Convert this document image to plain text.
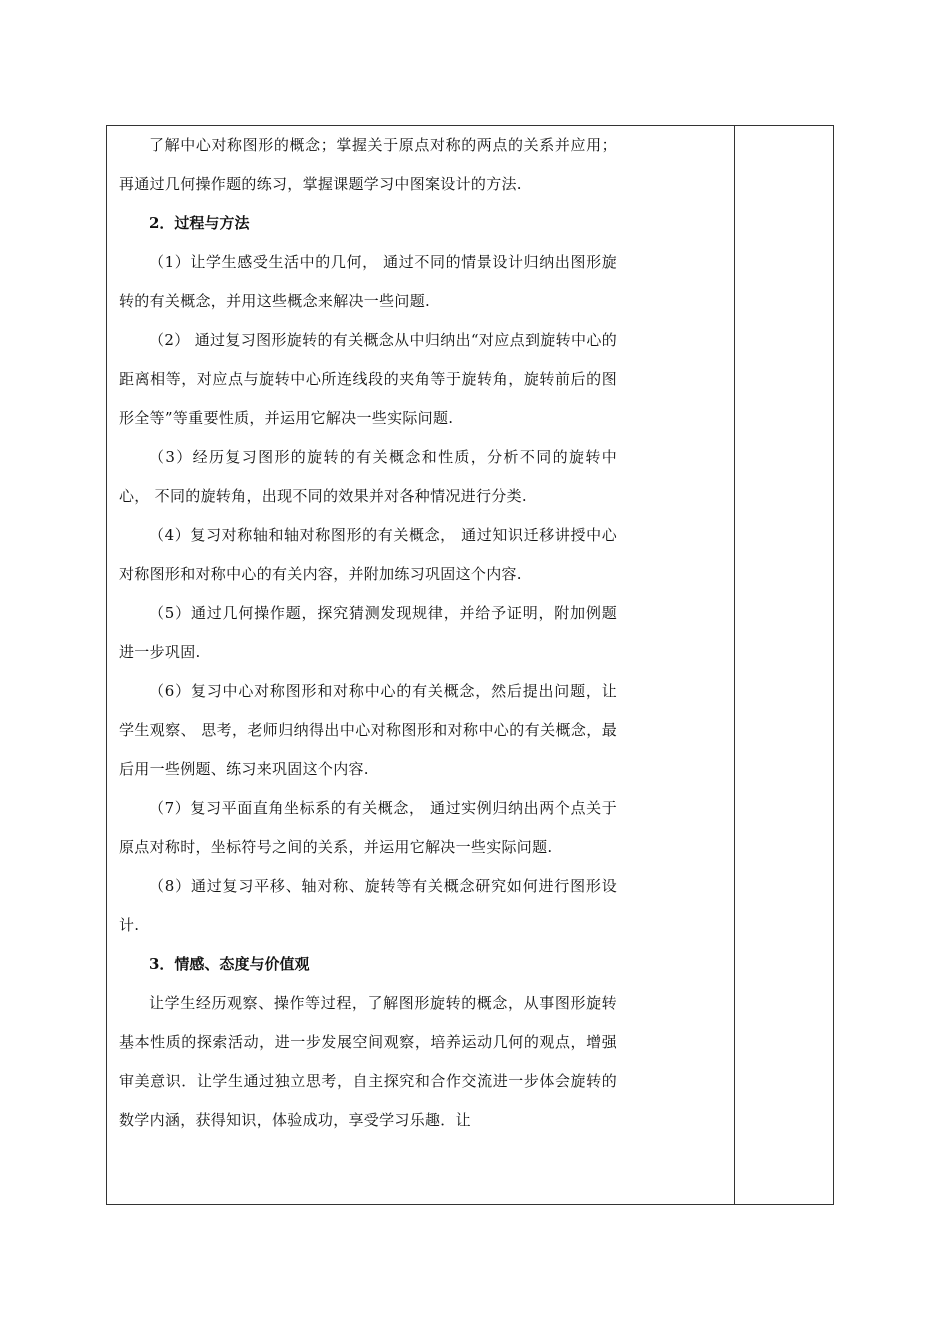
了解中心对称图形的概念；掌握关于原点对称的两点的关系并应用；再通过几何操作题的练习，掌握课题学习中图案设计的方法.

2．过程与方法

（1）让学生感受生活中的几何， 通过不同的情景设计归纳出图形旋转的有关概念，并用这些概念来解决一些问题.

（2） 通过复习图形旋转的有关概念从中归纳出“对应点到旋转中心的距离相等，对应点与旋转中心所连线段的夹角等于旋转角，旋转前后的图形全等”等重要性质，并运用它解决一些实际问题.

（3）经历复习图形的旋转的有关概念和性质，分析不同的旋转中心， 不同的旋转角，出现不同的效果并对各种情况进行分类.

（4）复习对称轴和轴对称图形的有关概念， 通过知识迁移讲授中心对称图形和对称中心的有关内容，并附加练习巩固这个内容.

（5）通过几何操作题，探究猜测发现规律，并给予证明，附加例题进一步巩固.

（6）复习中心对称图形和对称中心的有关概念，然后提出问题，让学生观察、 思考，老师归纳得出中心对称图形和对称中心的有关概念，最后用一些例题、练习来巩固这个内容.

（7）复习平面直角坐标系的有关概念， 通过实例归纳出两个点关于原点对称时，坐标符号之间的关系，并运用它解决一些实际问题.

（8）通过复习平移、轴对称、旋转等有关概念研究如何进行图形设计.

3．情感、态度与价值观

让学生经历观察、操作等过程，了解图形旋转的概念，从事图形旋转基本性质的探索活动，进一步发展空间观察，培养运动几何的观点，增强审美意识．让学生通过独立思考，自主探究和合作交流进一步体会旋转的数学内涵，获得知识，体验成功，享受学习乐趣．让
